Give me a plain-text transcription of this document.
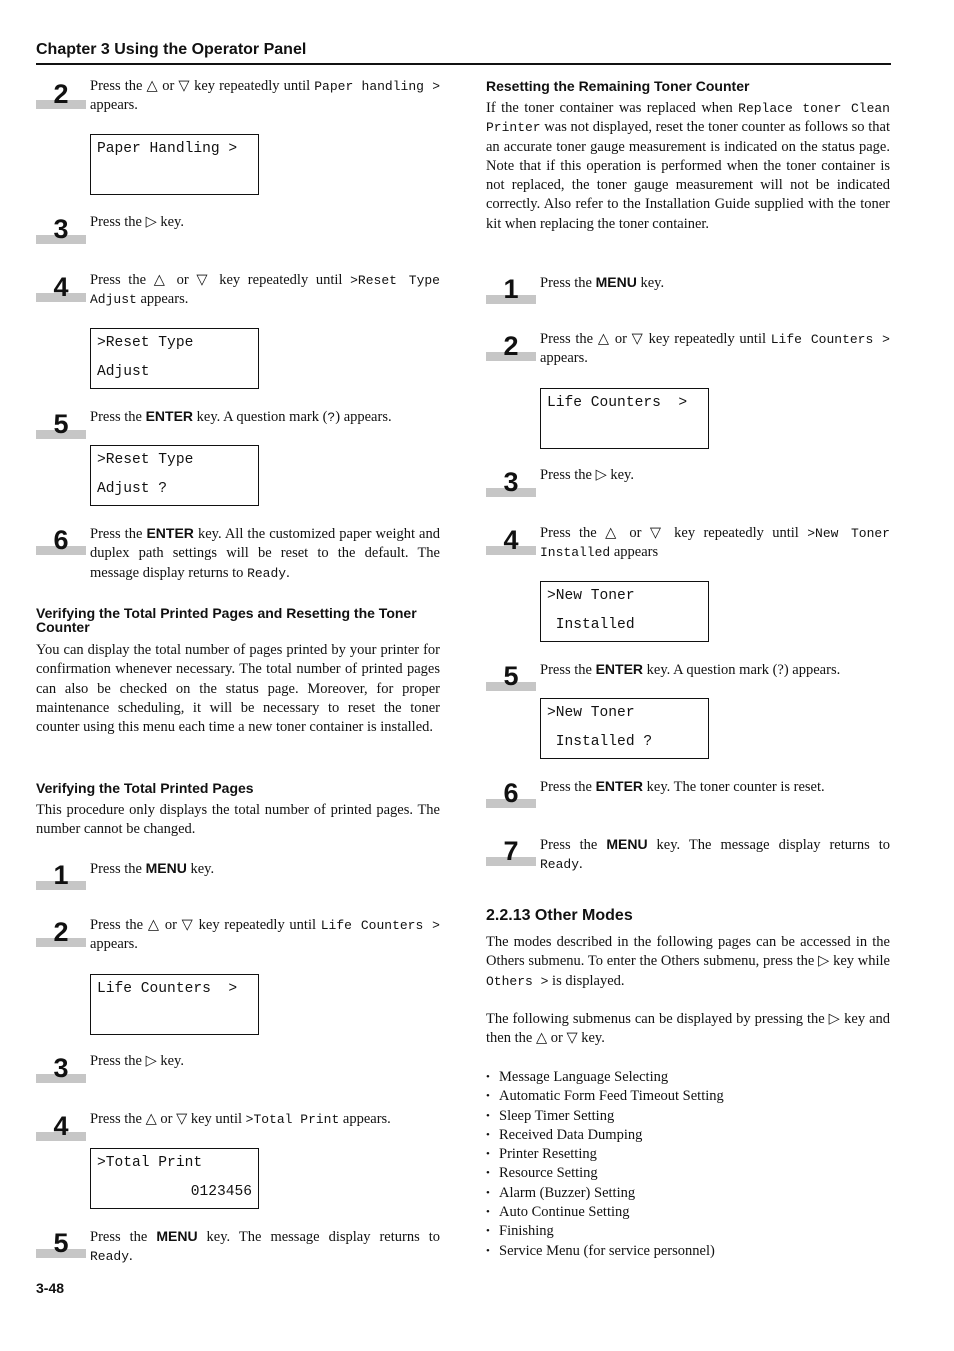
Chapter 3 Using the Operator Panel
2	Press the △ or ▽ key repeatedly until Paper handling > appears.
Paper Handling >
3	Press the ▷ key.
4	Press the △ or ▽ key repeatedly until >Reset Type Adjust appears.
>Reset Type
Adjust
5	Press the ENTER key. A question mark (?) appears.
>Reset Type
Adjust ?
6	Press the ENTER key. All the customized paper weight and duplex path settings will be reset to the default. The message display returns to Ready.
Verifying the Total Printed Pages and Resetting the Toner Counter
You can display the total number of pages printed by your printer for confirmation whenever necessary. The total number of printed pages can also be checked on the status page. Moreover, for proper maintenance scheduling, it will be necessary to reset the toner counter using this menu each time a new toner container is installed.
Verifying the Total Printed Pages
This procedure only displays the total number of printed pages. The number cannot be changed.
1	Press the MENU key.
2	Press the △ or ▽ key repeatedly until Life Counters > appears.
Life Counters  >
3	Press the ▷ key.
4	Press the △ or ▽ key until >Total Print appears.
>Total Print
0123456
5	Press the MENU key. The message display returns to Ready.
Resetting the Remaining Toner Counter
If the toner container was replaced when Replace toner Clean Printer was not displayed, reset the toner counter as follows so that an accurate toner gauge measurement is indicated on the status page. Note that if this operation is performed when the toner container is not replaced, the toner gauge measurement will not be indicated correctly. Also refer to the Installation Guide supplied with the toner kit when replacing the toner container.
1	Press the MENU key.
2	Press the △ or ▽ key repeatedly until Life Counters > appears.
Life Counters  >
3	Press the ▷ key.
4	Press the △ or ▽ key repeatedly until >New Toner Installed appears
>New Toner
Installed
5	Press the ENTER key. A question mark (?) appears.
>New Toner
Installed ?
6	Press the ENTER key. The toner counter is reset.
7	Press the MENU key. The message display returns to Ready.
2.2.13 Other Modes
The modes described in the following pages can be accessed in the Others submenu. To enter the Others submenu, press the ▷ key while Others > is displayed.
The following submenus can be displayed by pressing the ▷ key and then the △ or ▽ key.
• Message Language Selecting
• Automatic Form Feed Timeout Setting
• Sleep Timer Setting
• Received Data Dumping
• Printer Resetting
• Resource Setting
• Alarm (Buzzer) Setting
• Auto Continue Setting
• Finishing
• Service Menu (for service personnel)
3-48
